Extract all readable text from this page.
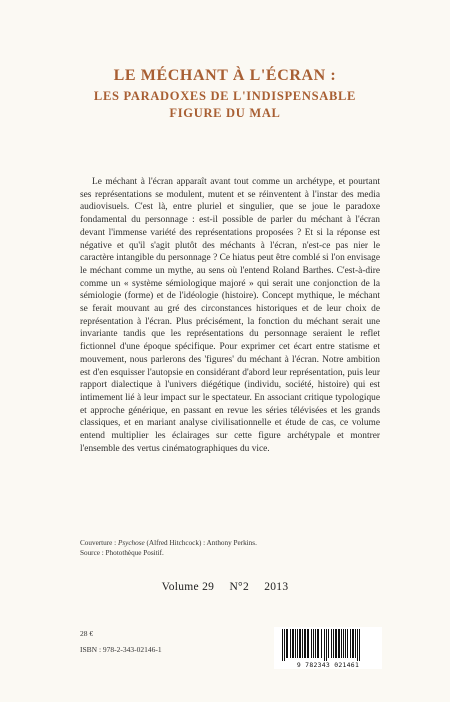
LE MÉCHANT À L'ÉCRAN :
LES PARADOXES DE L'INDISPENSABLE
FIGURE DU MAL

Le méchant à l'écran apparaît avant tout comme un archétype, et pourtant ses représentations se modulent, mutent et se réinventent à l'instar des media audiovisuels. C'est là, entre pluriel et singulier, que se joue le paradoxe fondamental du personnage : est-il possible de parler du méchant à l'écran devant l'immense variété des représentations proposées ? Et si la réponse est négative et qu'il s'agit plutôt des méchants à l'écran, n'est-ce pas nier le caractère intangible du personnage ? Ce hiatus peut être comblé si l'on envisage le méchant comme un mythe, au sens où l'entend Roland Barthes. C'est-à-dire comme un « système sémiologique majoré » qui serait une conjonction de la sémiologie (forme) et de l'idéologie (histoire). Concept mythique, le méchant se ferait mouvant au gré des circonstances historiques et de leur choix de représentation à l'écran. Plus précisément, la fonction du méchant serait une invariante tandis que les représentations du personnage seraient le reflet fictionnel d'une époque spécifique. Pour exprimer cet écart entre statisme et mouvement, nous parlerons des 'figures' du méchant à l'écran. Notre ambition est d'en esquisser l'autopsie en considérant d'abord leur représentation, puis leur rapport dialectique à l'univers diégétique (individu, société, histoire) qui est intimement lié à leur impact sur le spectateur. En associant critique typologique et approche générique, en passant en revue les séries télévisées et les grands classiques, et en mariant analyse civilisationnelle et étude de cas, ce volume entend multiplier les éclairages sur cette figure archétypale et montrer l'ensemble des vertus cinématographiques du vice.

Couverture : Psychose (Alfred Hitchcock) : Anthony Perkins.
Source : Photothèque Positif.
Volume 29 N°2 2013
28 €
ISBN : 978-2-343-02146-1
9 782343 021461
